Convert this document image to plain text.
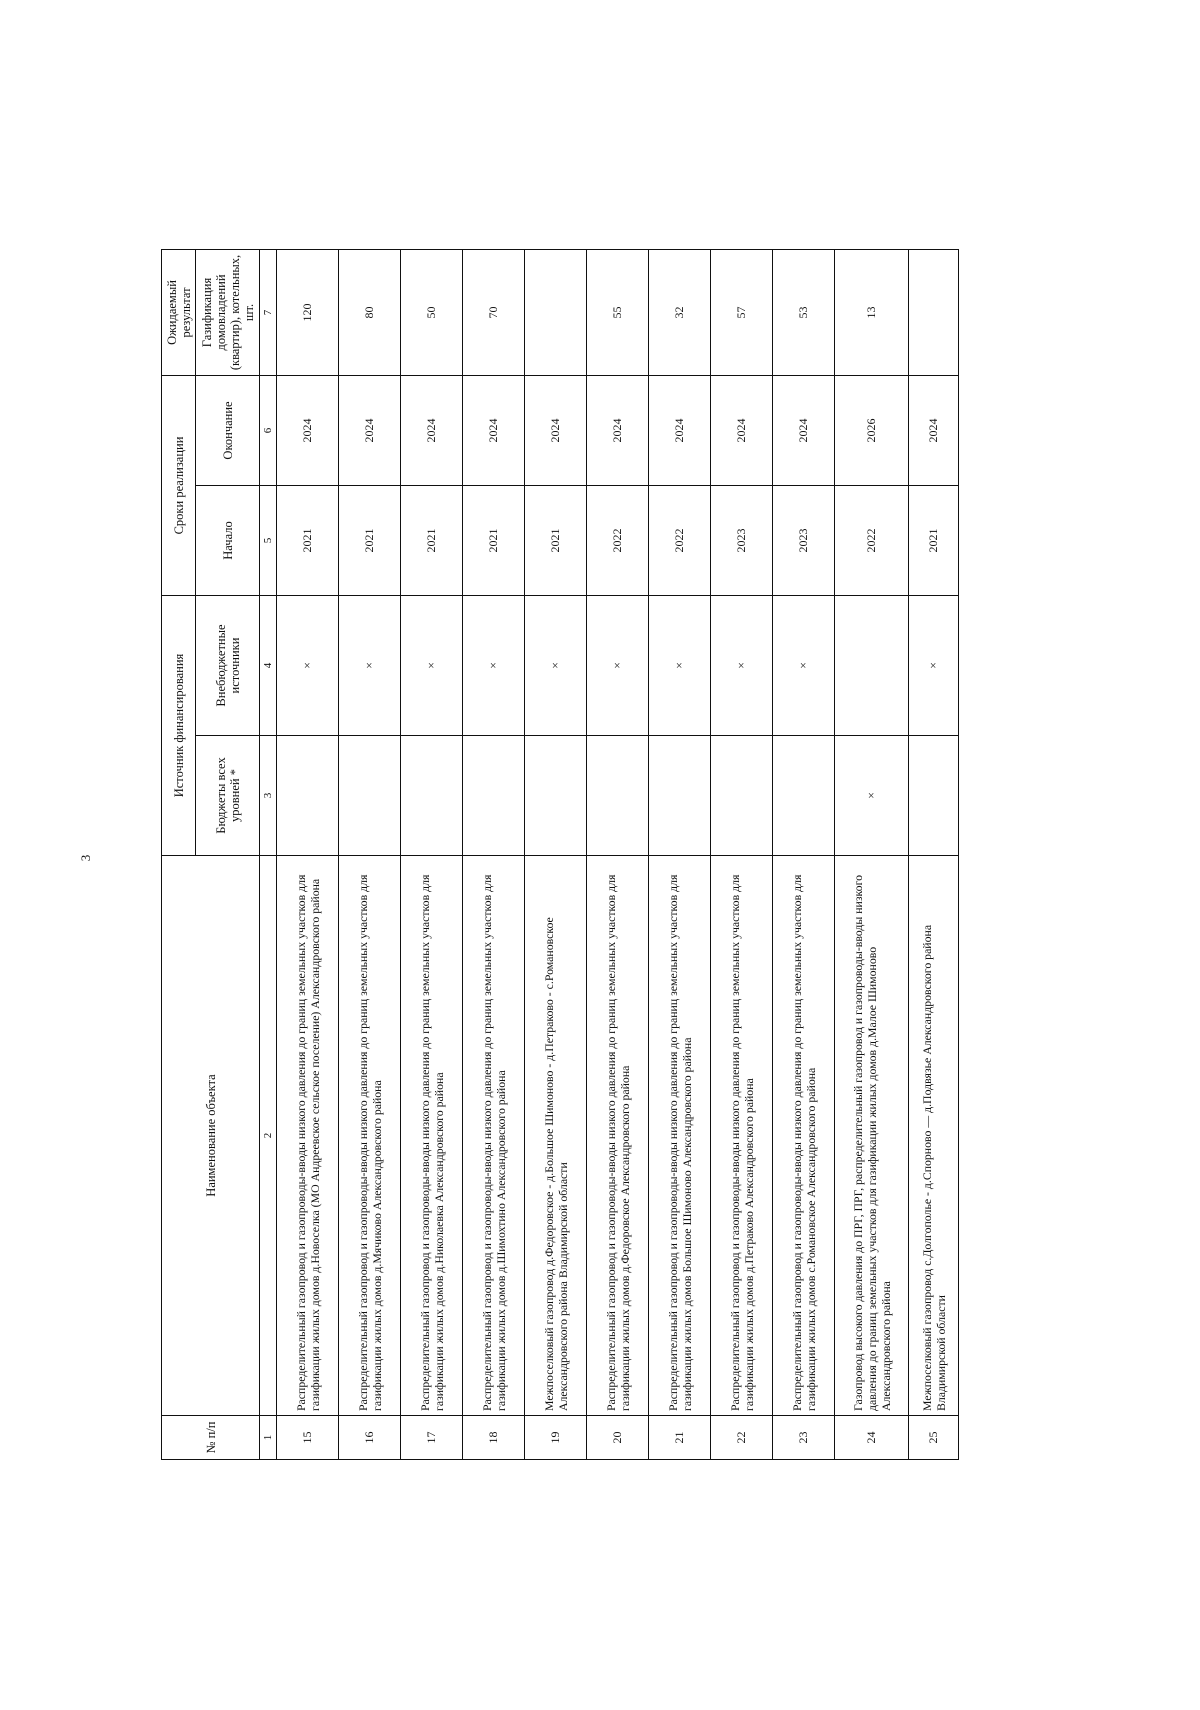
3
№ п/п	Наименование объекта	Источник финансирования		Сроки реализации		Ожидаемый результат
		Бюджеты всех уровней *	Внебюджетные источники	Начало	Окончание	Газификация домовладений (квартир), котельных, шт.
1	2	3	4	5	6	7
15	Распределительный газопровод и газопроводы-вводы низкого давления до границ земельных участков для газификации жилых домов д.Новоселка (МО Андреевское сельское поселение) Александровского района		×	2021	2024	120
16	Распределительный газопровод и газопроводы-вводы низкого давления до границ земельных участков для газификации жилых домов д.Мячиково Александровского района		×	2021	2024	80
17	Распределительный газопровод и газопроводы-вводы низкого давления до границ земельных участков для газификации жилых домов д.Николаевка Александровского района		×	2021	2024	50
18	Распределительный газопровод и газопроводы-вводы низкого давления до границ земельных участков для газификации жилых домов д.Шимохтино Александровского района		×	2021	2024	70
19	Межпоселковый газопровод д.Федоровское - д.Большое Шимоново - д.Петраково - с.Романовское Александровского района Владимирской области		×	2021	2024	
20	Распределительный газопровод и газопроводы-вводы низкого давления до границ земельных участков для газификации жилых домов д.Федоровское Александровского района		×	2022	2024	55
21	Распределительный газопровод и газопроводы-вводы низкого давления до границ земельных участков для газификации жилых домов Большое Шимоново Александровского района		×	2022	2024	32
22	Распределительный газопровод и газопроводы-вводы низкого давления до границ земельных участков для газификации жилых домов д.Петраково Александровского района		×	2023	2024	57
23	Распределительный газопровод и газопроводы-вводы низкого давления до границ земельных участков для газификации жилых домов с.Романовское Александровского района		×	2023	2024	53
24	Газопровод высокого давления до ПРГ, ПРГ, распределительный газопровод и газопроводы-вводы низкого давления до границ земельных участков для газификации жилых домов д.Малое Шимоново Александровского района	×		2022	2026	13
25	Межпоселковый газопровод с.Долгополье - д.Спорново — д.Подвязье Александровского района Владимирской области		×	2021	2024	
